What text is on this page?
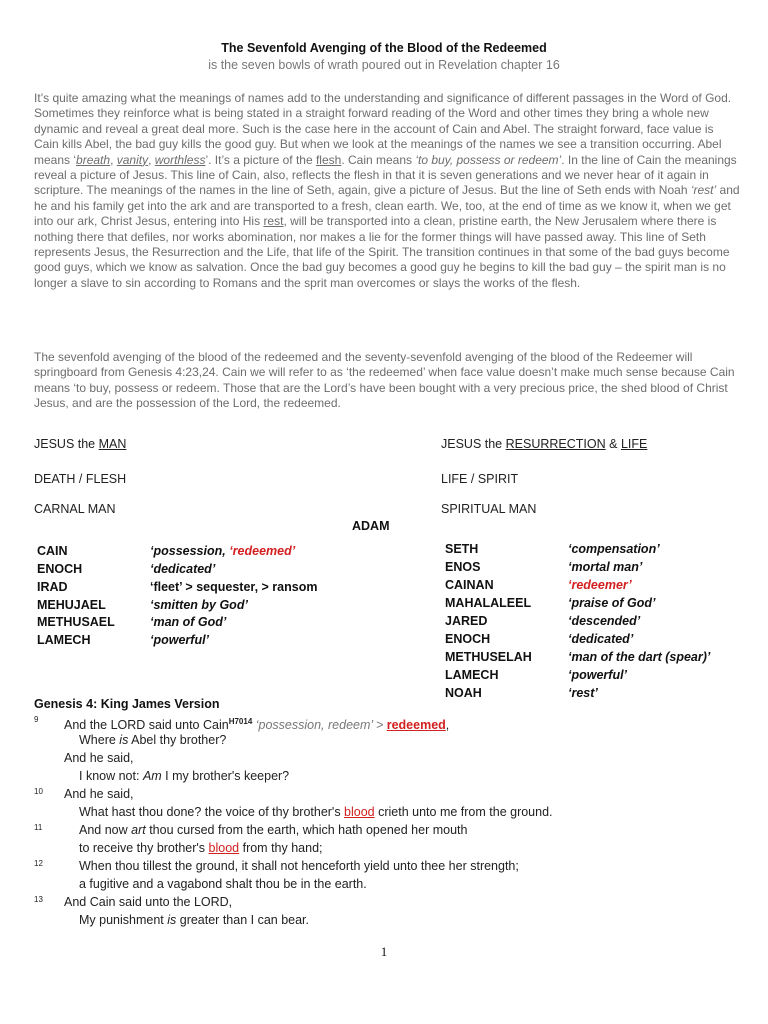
The Sevenfold Avenging of the Blood of the Redeemed
is the seven bowls of wrath poured out in Revelation chapter 16
It’s quite amazing what the meanings of names add to the understanding and significance of different passages in the Word of God. Sometimes they reinforce what is being stated in a straight forward reading of the Word and other times they bring a whole new dynamic and reveal a great deal more. Such is the case here in the account of Cain and Abel. The straight forward, face value is Cain kills Abel, the bad guy kills the good guy. But when we look at the meanings of the names we see a transition occurring. Abel means ‘breath, vanity, worthless’. It’s a picture of the flesh. Cain means ‘to buy, possess or redeem’. In the line of Cain the meanings reveal a picture of Jesus. This line of Cain, also, reflects the flesh in that it is seven generations and we never hear of it again in scripture. The meanings of the names in the line of Seth, again, give a picture of Jesus. But the line of Seth ends with Noah ‘rest’ and he and his family get into the ark and are transported to a fresh, clean earth. We, too, at the end of time as we know it, when we get into our ark, Christ Jesus, entering into His rest, will be transported into a clean, pristine earth, the New Jerusalem where there is nothing there that defiles, nor works abomination, nor makes a lie for the former things will have passed away. This line of Seth represents Jesus, the Resurrection and the Life, that life of the Spirit. The transition continues in that some of the bad guys become good guys, which we know as salvation. Once the bad guy becomes a good guy he begins to kill the bad guy – the spirit man is no longer a slave to sin according to Romans and the sprit man overcomes or slays the works of the flesh.
The sevenfold avenging of the blood of the redeemed and the seventy-sevenfold avenging of the blood of the Redeemer will springboard from Genesis 4:23,24. Cain we will refer to as ‘the redeemed’ when face value doesn’t make much sense because Cain means ‘to buy, possess or redeem. Those that are the Lord’s have been bought with a very precious price, the shed blood of Christ Jesus, and are the possession of the Lord, the redeemed.
JESUS the MAN	JESUS the RESURRECTION & LIFE
DEATH / FLESH	LIFE / SPIRIT
CARNAL MAN	SPIRITUAL MAN
ADAM
CAIN	‘possession, ‘redeemed’
ENOCH	‘dedicated’
IRAD	‘fleet’ > sequester, > ransom
MEHUJAEL	‘smitten by God’
METHUSAEL	‘man of God’
LAMECH	‘powerful’
SETH	‘compensation’
ENOS	‘mortal man’
CAINAN	‘redeemer’
MAHALALEEL	‘praise of God’
JARED	‘descended’
ENOCH	‘dedicated’
METHUSELAH	‘man of the dart (spear)’
LAMECH	‘powerful’
NOAH	‘rest’
Genesis 4: King James Version
9 And the LORD said unto Cain$^{H7014}$ ‘possession, redeem’ > redeemed,
Where is Abel thy brother?
And he said,
I know not: Am I my brother's keeper?
10 And he said,
What hast thou done? the voice of thy brother's blood crieth unto me from the ground.
11	And now art thou cursed from the earth, which hath opened her mouth
to receive thy brother's blood from thy hand;
12	When thou tillest the ground, it shall not henceforth yield unto thee her strength;
a fugitive and a vagabond shalt thou be in the earth.
13 And Cain said unto the LORD,
My punishment is greater than I can bear.
1
